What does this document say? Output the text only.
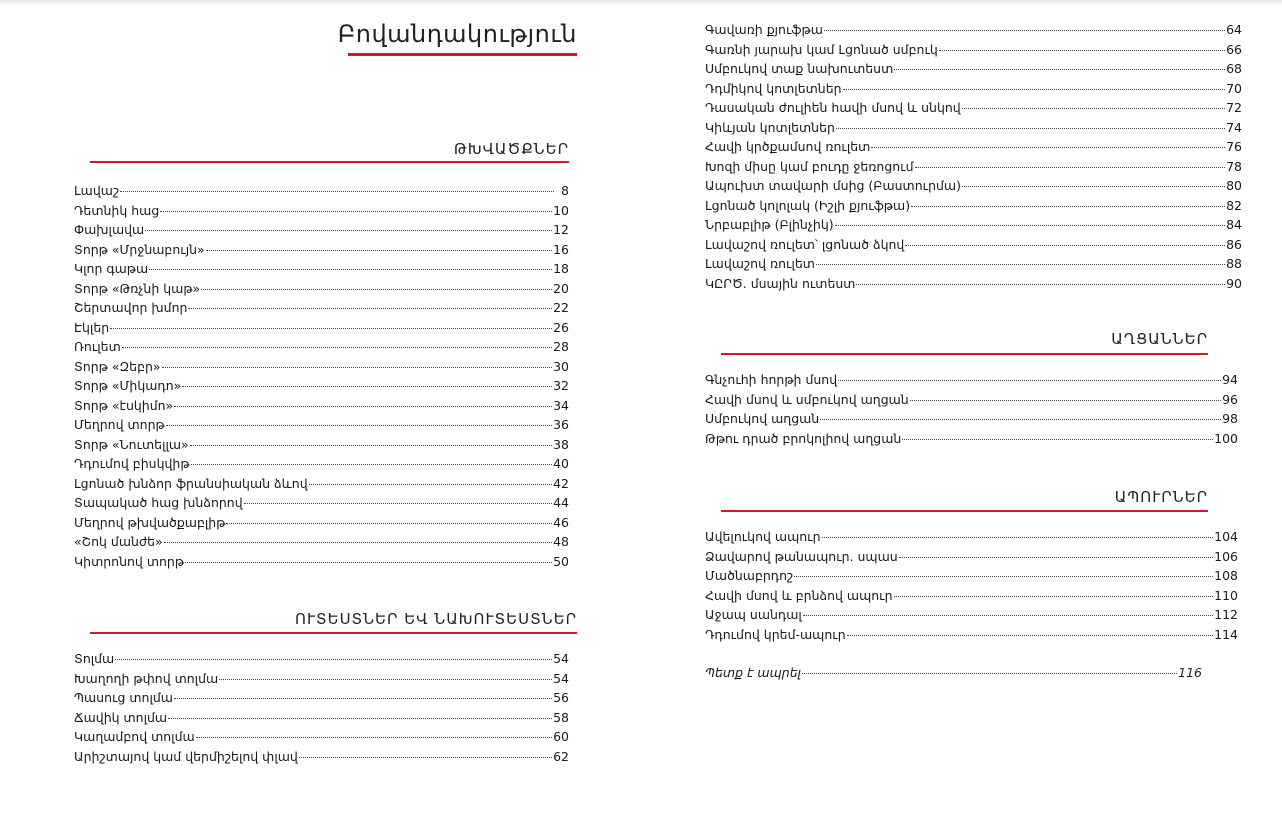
Բովանդակություն
ԹԽՎԱԾՔՆԵՐ
Լավաշ	8
Դետնիկ հաց	10
Փախլավա	12
Տորթ «Մրջնաբույն»	16
Կլոր գաթա	18
Տորթ «Թռչնի կաթ»	20
Շերտավոր խմոր	22
Էկլեր	26
Ռուլետ	28
Տորթ «Զեբր»	30
Տորթ «Միկադո»	32
Տորթ «էսկիմո»	34
Մեղրով տորթ	36
Տորթ «Նուտելլա»	38
Դդումով բիսկվիթ	40
Լցոնած խնձոր ֆրանսիական ձևով	42
Տապակած հաց խնձորով	44
Մեղրով թխվածքաբլիթ	46
«Շոկ մանժե»	48
Կիտրոնով տորթ	50
ՈՒՏԵՍՏՆԵՐ ԵՎ ՆԱԽՈՒՏԵՍՏՆԵՐ
Տոլմա	54
Խաղողի թփով տոլմա	54
Պասուց տոլմա	56
Ճավիկ տոլմա	58
Կաղամբով տոլմա	60
Արիշտայով կամ վերմիշելով փլավ	62
Գավառի քյուֆթա	64
Գառնի յարախ կամ Լցոնած սմբուկ	66
Սմբուկով տաք նախուտեստ	68
Դդմիկով կոտլետներ	70
Դասական ժուլիեն հավի մսով և սնկով	72
Կիևյան կոտլետներ	74
Հավի կրծքամսով ռուլետ	76
Խոզի միսը կամ բուդը ջեռոցում	78
Ապուխտ տավարի մսից (Բաստուրմա)	80
Լցոնած կոլոլակ (Իշլի քյուֆթա)	82
Նրբաբլիթ (Բլինչիկ)	84
Լավաշով ռուլետ՝ լցոնած ձկով	86
Լավաշով ռուլետ	88
ԿԸՐԾ. մսային ուտեստ	90
ԱՂՑԱՆՆԵՐ
Գնչուհի հորթի մսով	94
Հավի մսով և սմբուկով աղցան	96
Սմբուկով աղցան	98
Թթու դրած բրոկոլիով աղցան	100
ԱՊՈՒՐՆԵՐ
Ավելուկով ապուր	104
Ձավարով թանապուր. սպաս	106
Մածնաբրդոշ	108
Հավի մսով և բրնձով ապուր	110
Աջապ սանդալ	112
Դդումով կրեմ-ապուր	114
Պետք է ապրել	116
